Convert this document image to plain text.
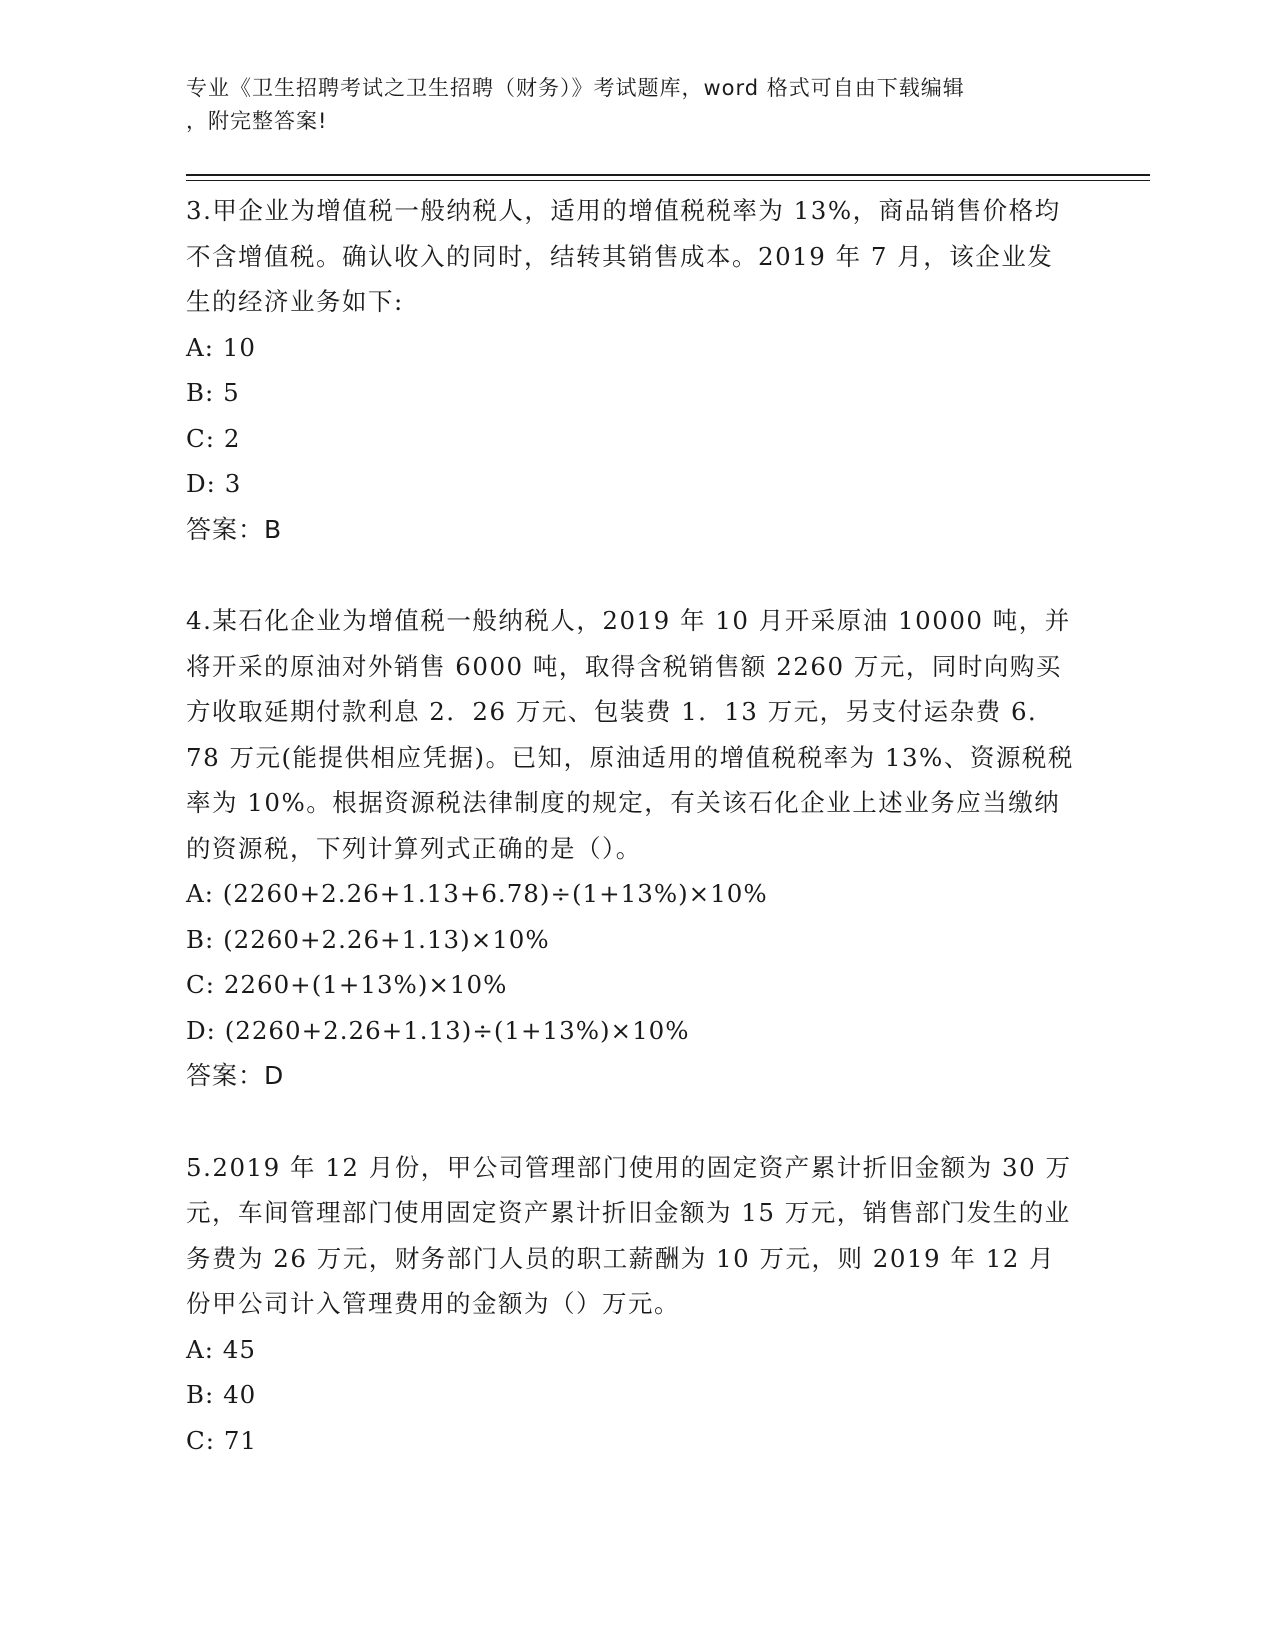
专业《卫生招聘考试之卫生招聘（财务）》考试题库，word 格式可自由下载编辑
，附完整答案!

3.甲企业为增值税一般纳税人，适用的增值税税率为 13%，商品销售价格均不含增值税。确认收入的同时，结转其销售成本。2019 年 7 月，该企业发生的经济业务如下:

A: 10

B: 5

C: 2

D: 3

答案：B

4.某石化企业为增值税一般纳税人，2019 年 10 月开采原油 10000 吨，并将开采的原油对外销售 6000 吨，取得含税销售额 2260 万元，同时向购买方收取延期付款利息 2．26 万元、包装费 1．13 万元，另支付运杂费 6．78 万元(能提供相应凭据)。已知，原油适用的增值税税率为 13%、资源税税率为 10%。根据资源税法律制度的规定，有关该石化企业上述业务应当缴纳的资源税，下列计算列式正确的是（）。

A: (2260+2.26+1.13+6.78)÷(1+13%)×10%

B: (2260+2.26+1.13)×10%

C: 2260+(1+13%)×10%

D: (2260+2.26+1.13)÷(1+13%)×10%

答案：D

5.2019 年 12 月份，甲公司管理部门使用的固定资产累计折旧金额为 30 万元，车间管理部门使用固定资产累计折旧金额为 15 万元，销售部门发生的业务费为 26 万元，财务部门人员的职工薪酬为 10 万元，则 2019 年 12 月份甲公司计入管理费用的金额为（）万元。

A: 45

B: 40

C: 71
